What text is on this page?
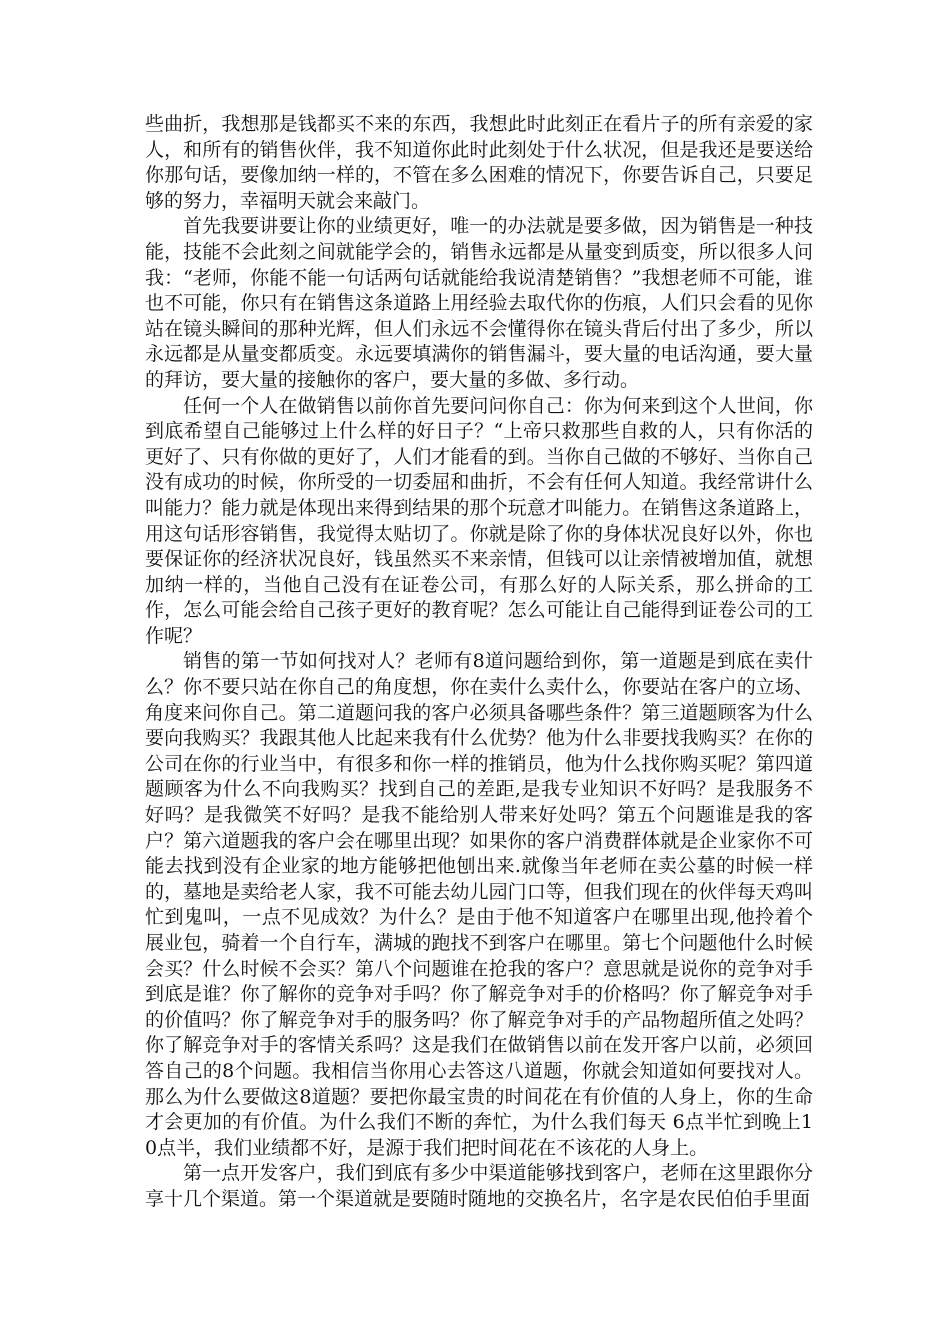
些曲折，我想那是钱都买不来的东西，我想此时此刻正在看片子的所有亲爱的家人，和所有的销售伙伴，我不知道你此时此刻处于什么状况，但是我还是要送给你那句话，要像加纳一样的，不管在多么困难的情况下，你要告诉自己，只要足够的努力，幸福明天就会来敲门。

首先我要讲要让你的业绩更好，唯一的办法就是要多做，因为销售是一种技能，技能不会此刻之间就能学会的，销售永远都是从量变到质变，所以很多人问我：“老师，你能不能一句话两句话就能给我说清楚销售？”我想老师不可能，谁也不可能，你只有在销售这条道路上用经验去取代你的伤痕，人们只会看的见你站在镜头瞬间的那种光辉，但人们永远不会懂得你在镜头背后付出了多少，所以永远都是从量变都质变。永远要填满你的销售漏斗，要大量的电话沟通，要大量的拜访，要大量的接触你的客户，要大量的多做、多行动。

任何一个人在做销售以前你首先要问问你自己：你为何来到这个人世间，你到底希望自己能够过上什么样的好日子？“上帝只救那些自救的人，只有你活的更好了、只有你做的更好了，人们才能看的到。当你自己做的不够好、当你自己没有成功的时候，你所受的一切委屈和曲折，不会有任何人知道。我经常讲什么叫能力？能力就是体现出来得到结果的那个玩意才叫能力。在销售这条道路上，用这句话形容销售，我觉得太贴切了。你就是除了你的身体状况良好以外，你也要保证你的经济状况良好，钱虽然买不来亲情，但钱可以让亲情被增加值，就想加纳一样的，当他自己没有在证卷公司，有那么好的人际关系，那么拼命的工作，怎么可能会给自己孩子更好的教育呢？怎么可能让自己能得到证卷公司的工作呢？

销售的第一节如何找对人？老师有8道问题给到你，第一道题是到底在卖什么？你不要只站在你自己的角度想，你在卖什么卖什么，你要站在客户的立场、角度来问你自己。第二道题问我的客户必须具备哪些条件？第三道题顾客为什么要向我购买？我跟其他人比起来我有什么优势？他为什么非要找我购买？在你的公司在你的行业当中，有很多和你一样的推销员，他为什么找你购买呢？第四道题顾客为什么不向我购买？找到自己的差距,是我专业知识不好吗？是我服务不好吗？是我微笑不好吗？是我不能给别人带来好处吗？第五个问题谁是我的客户？第六道题我的客户会在哪里出现？如果你的客户消费群体就是企业家你不可能去找到没有企业家的地方能够把他刨出来.就像当年老师在卖公墓的时候一样的，墓地是卖给老人家，我不可能去幼儿园门口等，但我们现在的伙伴每天鸡叫忙到鬼叫，一点不见成效？为什么？是由于他不知道客户在哪里出现,他拎着个展业包，骑着一个自行车，满城的跑找不到客户在哪里。第七个问题他什么时候会买？什么时候不会买？第八个问题谁在抢我的客户？意思就是说你的竞争对手到底是谁？你了解你的竞争对手吗？你了解竞争对手的价格吗？你了解竞争对手的价值吗？你了解竞争对手的服务吗？你了解竞争对手的产品物超所值之处吗？你了解竞争对手的客情关系吗？这是我们在做销售以前在发开客户以前，必须回答自己的8个问题。我相信当你用心去答这八道题，你就会知道如何要找对人。那么为什么要做这8道题？要把你最宝贵的时间花在有价值的人身上，你的生命才会更加的有价值。为什么我们不断的奔忙，为什么我们每天 6点半忙到晚上10点半，我们业绩都不好，是源于我们把时间花在不该花的人身上。

第一点开发客户，我们到底有多少中渠道能够找到客户，老师在这里跟你分享十几个渠道。第一个渠道就是要随时随地的交换名片，名字是农民伯伯手里面
